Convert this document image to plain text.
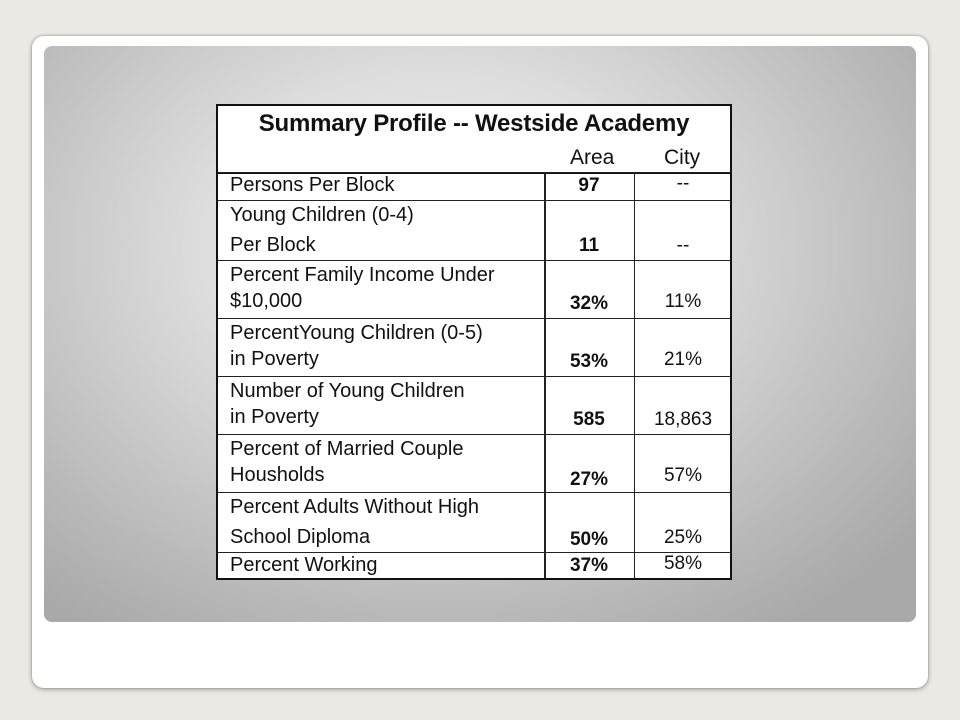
Summary Profile -- Westside Academy
Area City
Persons Per Block	97	--
Young Children (0-4)
Per Block	11	--
Percent Family Income Under
$10,000	32%	11%
PercentYoung Children (0-5)
in Poverty	53%	21%
Number of Young Children
in Poverty	585	18,863
Percent of Married Couple
Housholds	27%	57%
Percent Adults Without High
School Diploma	50%	25%
Percent Working	37%	58%
